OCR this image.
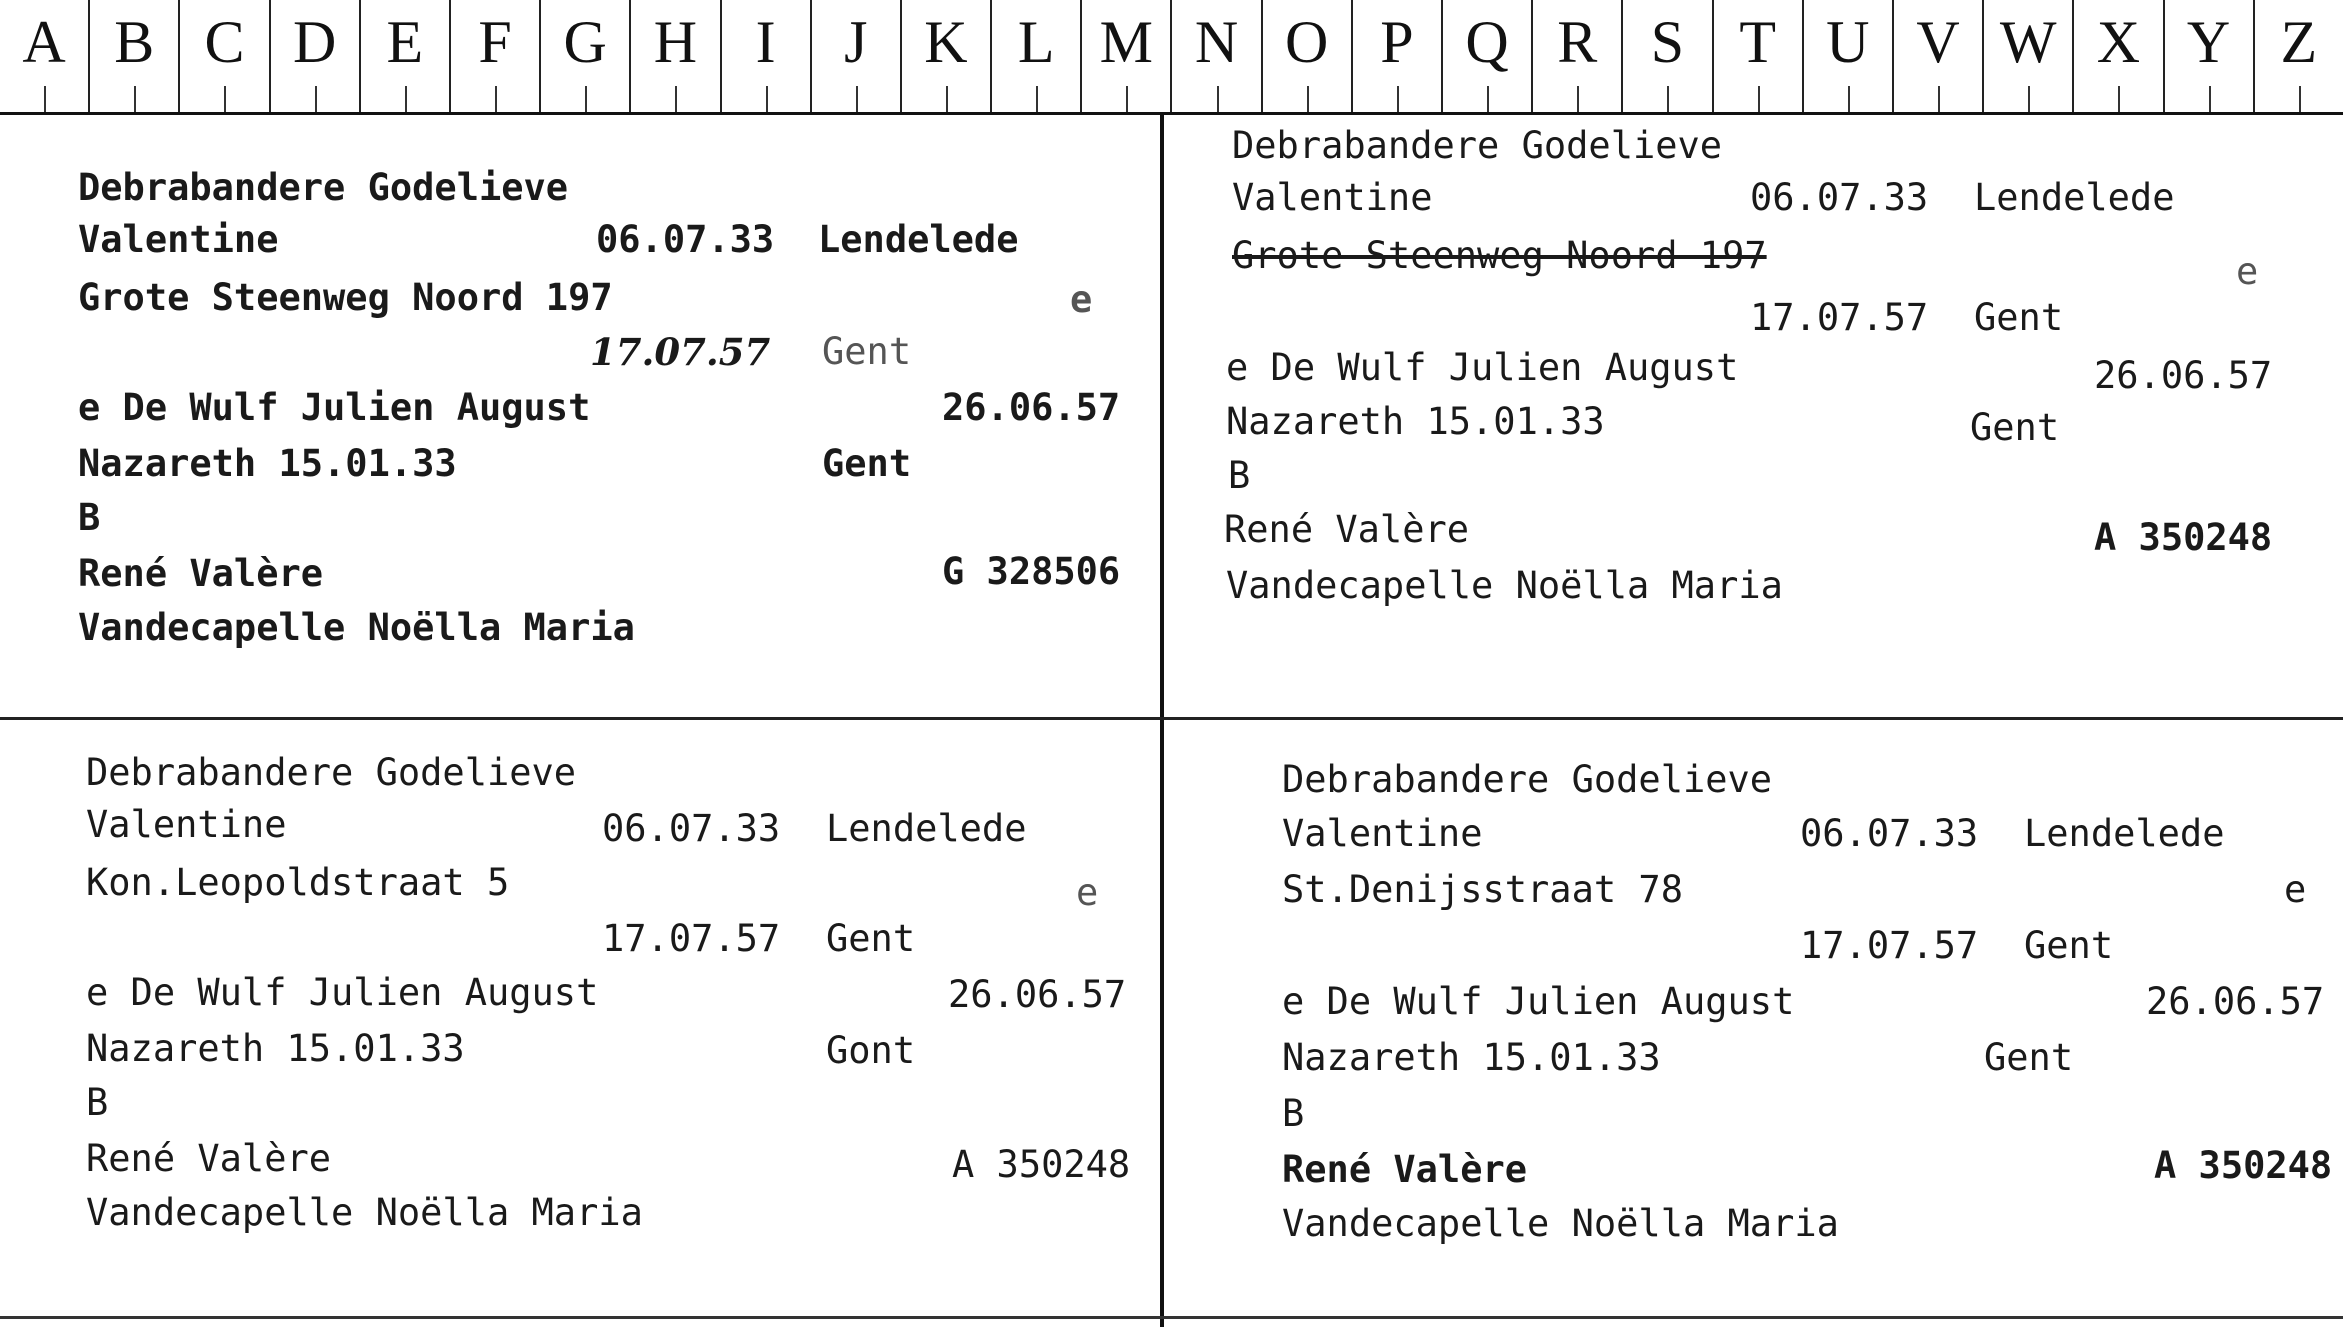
A B C D E F G H I	J K L M N O P Q R S T U V W X Y Z
Debrabandere Godelieve
Valentine	06.07.33 Lendelede
Grote Steenweg Noord 197	e
17.07.57 Gent
e De Wulf Julien August	26.06.57
Nazareth 15.01.33	Gent
B
René Valère	G 328506
Vandecapelle Noëlla Maria
Debrabandere Godelieve
Valentine	06.07.33 Lendelede
Grote Steenweg Noord 197	e
17.07.57 Gent
e De Wulf Julien August	26.06.57
Nazareth 15.01.33	Gent
B
René Valère	A 350248
Vandecapelle Noëlla Maria
Debrabandere Godelieve
Valentine	06.07.33 Lendelede
Kon.Leopoldstraat 5	e
17.07.57 Gent
e De Wulf Julien August	26.06.57
Nazareth 15.01.33	Gont
B
René Valère	A 350248
Vandecapelle Noëlla Maria
Debrabandere Godelieve
Valentine	06.07.33 Lendelede
St.Denijsstraat 78	e
17.07.57 Gent
e De Wulf Julien August	26.06.57
Nazareth 15.01.33	Gent
B
René Valère	A 350248
Vandecapelle Noëlla Maria
